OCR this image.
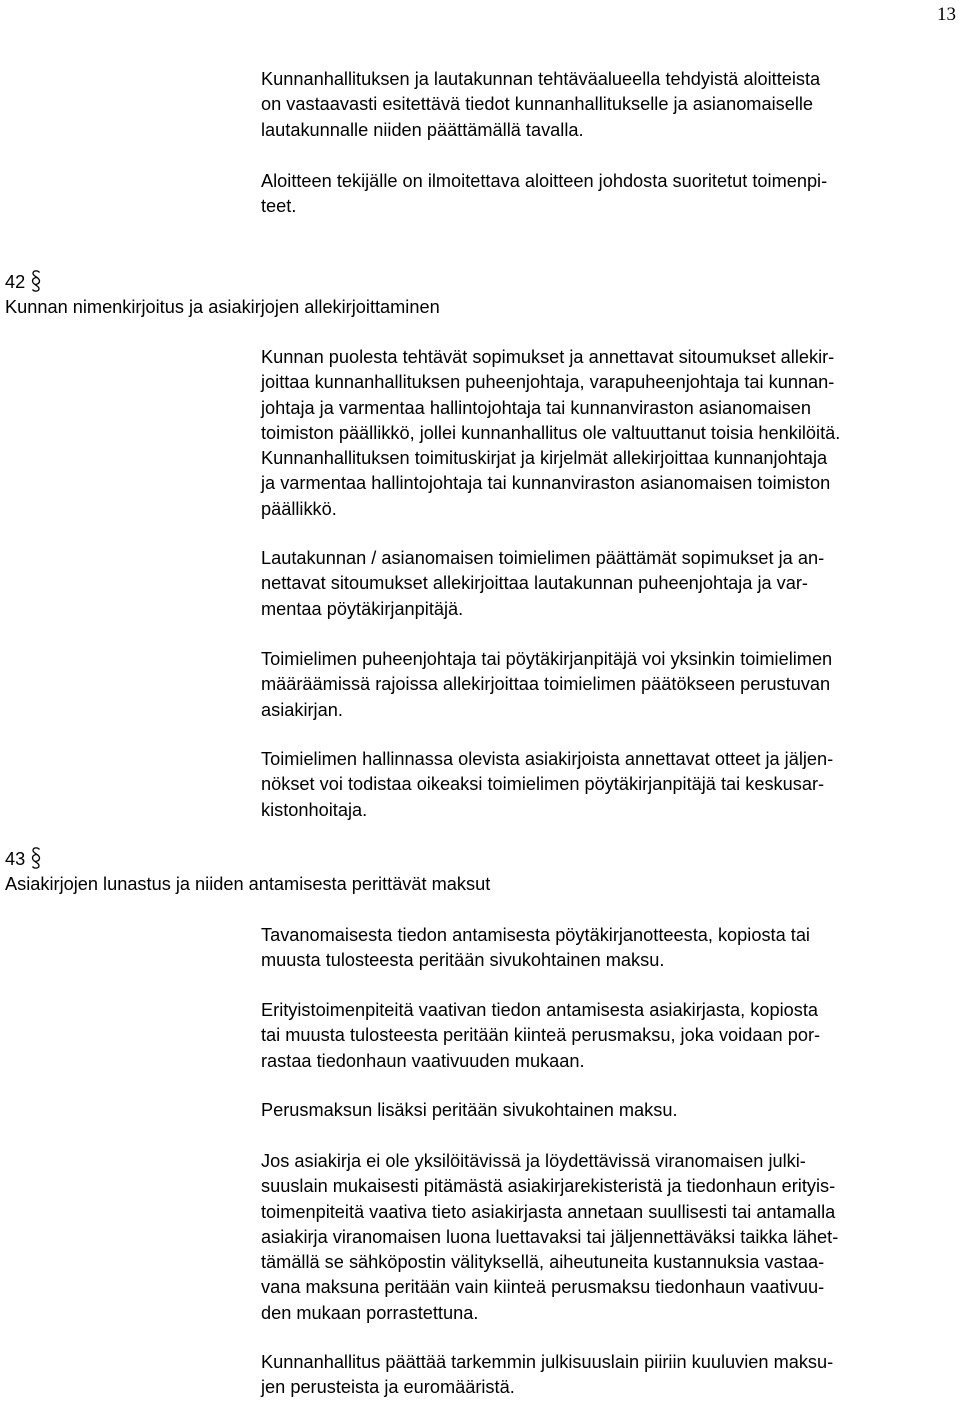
13

Kunnanhallituksen ja lautakunnan tehtäväalueella tehdyistä aloitteista
on vastaavasti esitettävä tiedot kunnanhallitukselle ja asianomaiselle
lautakunnalle niiden päättämällä tavalla.

Aloitteen tekijälle on ilmoitettava aloitteen johdosta suoritetut toimenpi-
teet.

42
Kunnan nimenkirjoitus ja asiakirjojen allekirjoittaminen

Kunnan puolesta tehtävät sopimukset ja annettavat sitoumukset allekir-
joittaa kunnanhallituksen puheenjohtaja, varapuheenjohtaja tai kunnan-
johtaja ja varmentaa hallintojohtaja tai kunnanviraston asianomaisen
toimiston päällikkö, jollei kunnanhallitus ole valtuuttanut toisia henkilöitä.
Kunnanhallituksen toimituskirjat ja kirjelmät allekirjoittaa kunnanjohtaja
ja varmentaa hallintojohtaja tai kunnanviraston asianomaisen toimiston
päällikkö.

Lautakunnan / asianomaisen toimielimen päättämät sopimukset ja an-
nettavat sitoumukset allekirjoittaa lautakunnan puheenjohtaja ja var-
mentaa pöytäkirjanpitäjä.

Toimielimen puheenjohtaja tai pöytäkirjanpitäjä voi yksinkin toimielimen
määräämissä rajoissa allekirjoittaa toimielimen päätökseen perustuvan
asiakirjan.

Toimielimen hallinnassa olevista asiakirjoista annettavat otteet ja jäljen-
nökset voi todistaa oikeaksi toimielimen pöytäkirjanpitäjä tai keskusar-
kistonhoitaja.

43
Asiakirjojen lunastus ja niiden antamisesta perittävät maksut

Tavanomaisesta tiedon antamisesta pöytäkirjanotteesta, kopiosta tai
muusta tulosteesta peritään sivukohtainen maksu.

Erityistoimenpiteitä vaativan tiedon antamisesta asiakirjasta, kopiosta
tai muusta tulosteesta peritään kiinteä perusmaksu, joka voidaan por-
rastaa tiedonhaun vaativuuden mukaan.

Perusmaksun lisäksi peritään sivukohtainen maksu.

Jos asiakirja ei ole yksilöitävissä ja löydettävissä viranomaisen julki-
suuslain mukaisesti pitämästä asiakirjarekisteristä ja tiedonhaun erityis-
toimenpiteitä vaativa tieto asiakirjasta annetaan suullisesti tai antamalla
asiakirja viranomaisen luona luettavaksi tai jäljennettäväksi taikka lähet-
tämällä se sähköpostin välityksellä, aiheutuneita kustannuksia vastaa-
vana maksuna peritään vain kiinteä perusmaksu tiedonhaun vaativuu-
den mukaan porrastettuna.

Kunnanhallitus päättää tarkemmin julkisuuslain piiriin kuuluvien maksu-
jen perusteista ja euromääristä.
